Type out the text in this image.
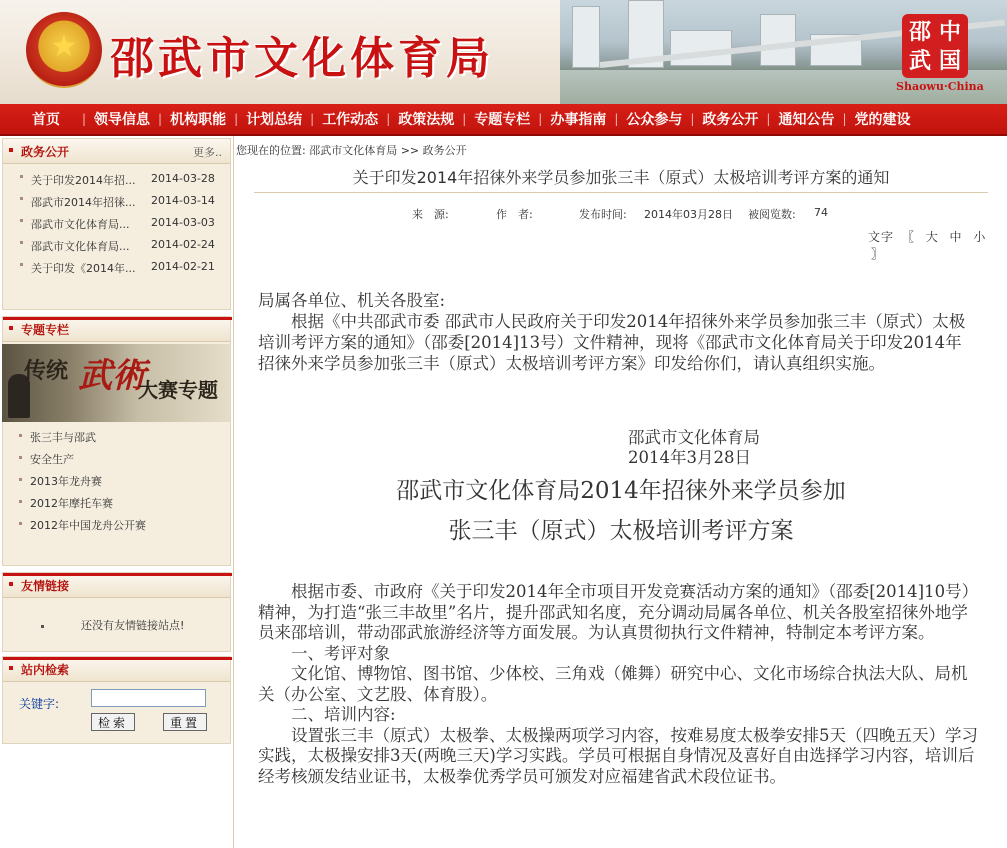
★ 邵武市文化体育局
邵 中
武 国
Shaowu·China
首页	| 领导信息 | 机构职能 | 计划总结 | 工作动态 | 政策法规 | 专题专栏 | 办事指南 | 公众参与 | 政务公开 | 通知公告 | 党的建设
政务公开	更多..
关于印发2014年招... 2014-03-28
邵武市2014年招徕... 2014-03-14
邵武市文化体育局... 2014-03-03
邵武市文化体育局... 2014-02-24
关于印发《2014年... 2014-02-21
专题专栏
传统 武術
大赛专题
张三丰与邵武
安全生产
2013年龙舟赛
2012年摩托车赛
2012年中国龙舟公开赛
友情链接
还没有友情链接站点!
站内检索
关键字:
检索	重置
您现在的位置: 邵武市文化体育局 >> 政务公开
关于印发2014年招徕外来学员参加张三丰（原式）太极培训考评方案的通知
来　源:	作　者:	发布时间: 2014年03月28日 被阅览数: 74
文字 〖 大 中 小 〗

局属各单位、机关各股室:

根据《中共邵武市委 邵武市人民政府关于印发2014年招徕外来学员参加张三丰（原式）太极培训考评方案的通知》（邵委[2014]13号）文件精神，现将《邵武市文化体育局关于印发2014年招徕外来学员参加张三丰（原式）太极培训考评方案》印发给你们，请认真组织实施。

邵武市文化体育局
2014年3月28日
邵武市文化体育局2014年招徕外来学员参加
张三丰（原式）太极培训考评方案

根据市委、市政府《关于印发2014年全市项目开发竞赛活动方案的通知》（邵委[2014]10号）精神，为打造“张三丰故里”名片，提升邵武知名度，充分调动局属各单位、机关各股室招徕外地学员来邵培训，带动邵武旅游经济等方面发展。为认真贯彻执行文件精神，特制定本考评方案。

一、考评对象

文化馆、博物馆、图书馆、少体校、三角戏（傩舞）研究中心、文化市场综合执法大队、局机关（办公室、文艺股、体育股）。

二、培训内容:

设置张三丰（原式）太极拳、太极操两项学习内容，按难易度太极拳安排5天（四晚五天）学习实践，太极操安排3天(两晚三天)学习实践。学员可根据自身情况及喜好自由选择学习内容，培训后经考核颁发结业证书，太极拳优秀学员可颁发对应福建省武术段位证书。
